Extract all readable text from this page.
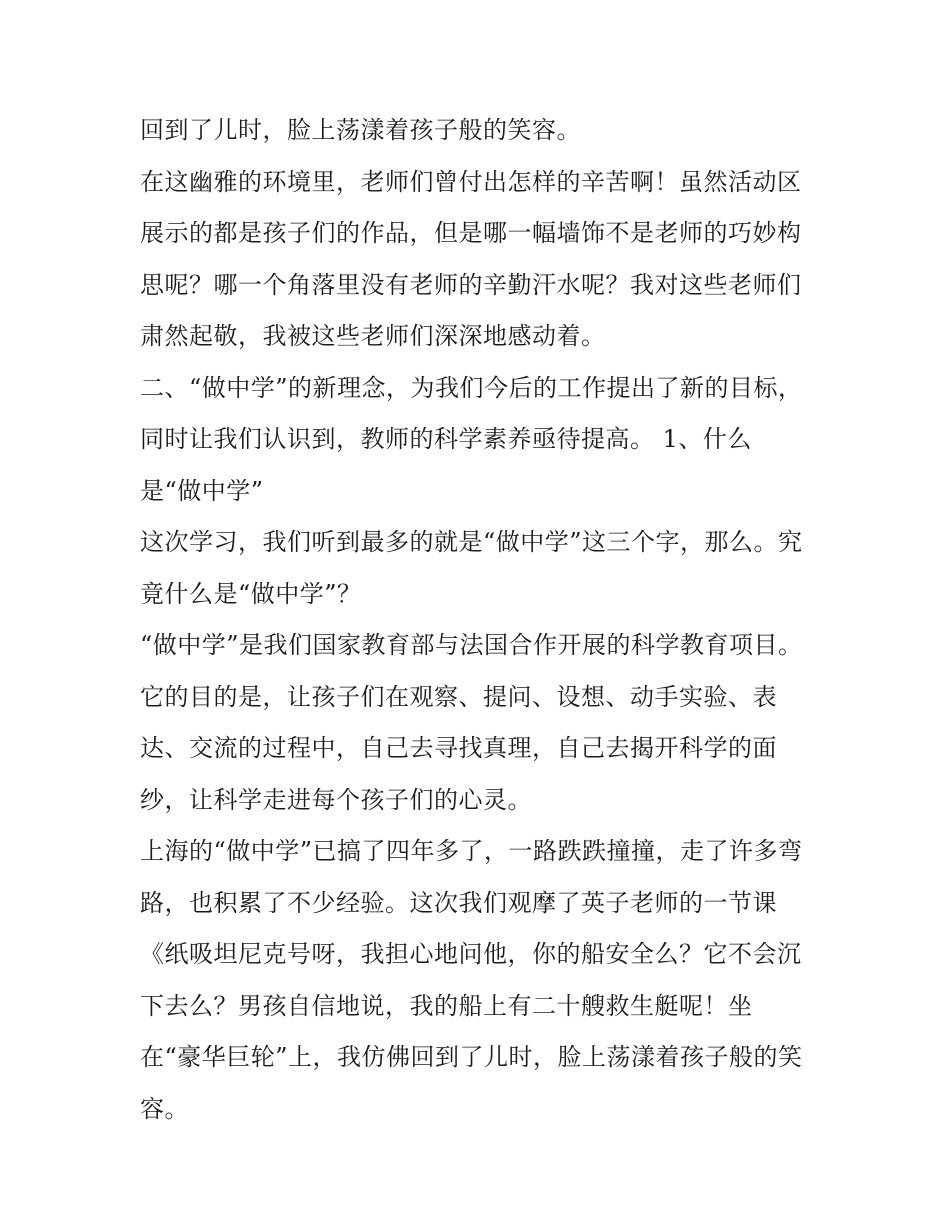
回到了儿时，脸上荡漾着孩子般的笑容。
在这幽雅的环境里，老师们曾付出怎样的辛苦啊！虽然活动区
展示的都是孩子们的作品，但是哪一幅墙饰不是老师的巧妙构
思呢？哪一个角落里没有老师的辛勤汗水呢？我对这些老师们
肃然起敬，我被这些老师们深深地感动着。
二、“做中学”的新理念，为我们今后的工作提出了新的目标，
同时让我们认识到，教师的科学素养亟待提高。 1、什么
是“做中学”
这次学习，我们听到最多的就是“做中学”这三个字，那么。究
竟什么是“做中学”？
“做中学”是我们国家教育部与法国合作开展的科学教育项目。
它的目的是，让孩子们在观察、提问、设想、动手实验、表
达、交流的过程中，自己去寻找真理，自己去揭开科学的面
纱，让科学走进每个孩子们的心灵。
上海的“做中学”已搞了四年多了，一路跌跌撞撞，走了许多弯
路，也积累了不少经验。这次我们观摩了英子老师的一节课
《纸吸坦尼克号呀，我担心地问他，你的船安全么？它不会沉
下去么？男孩自信地说，我的船上有二十艘救生艇呢！坐
在“豪华巨轮”上，我仿佛回到了儿时，脸上荡漾着孩子般的笑
容。
